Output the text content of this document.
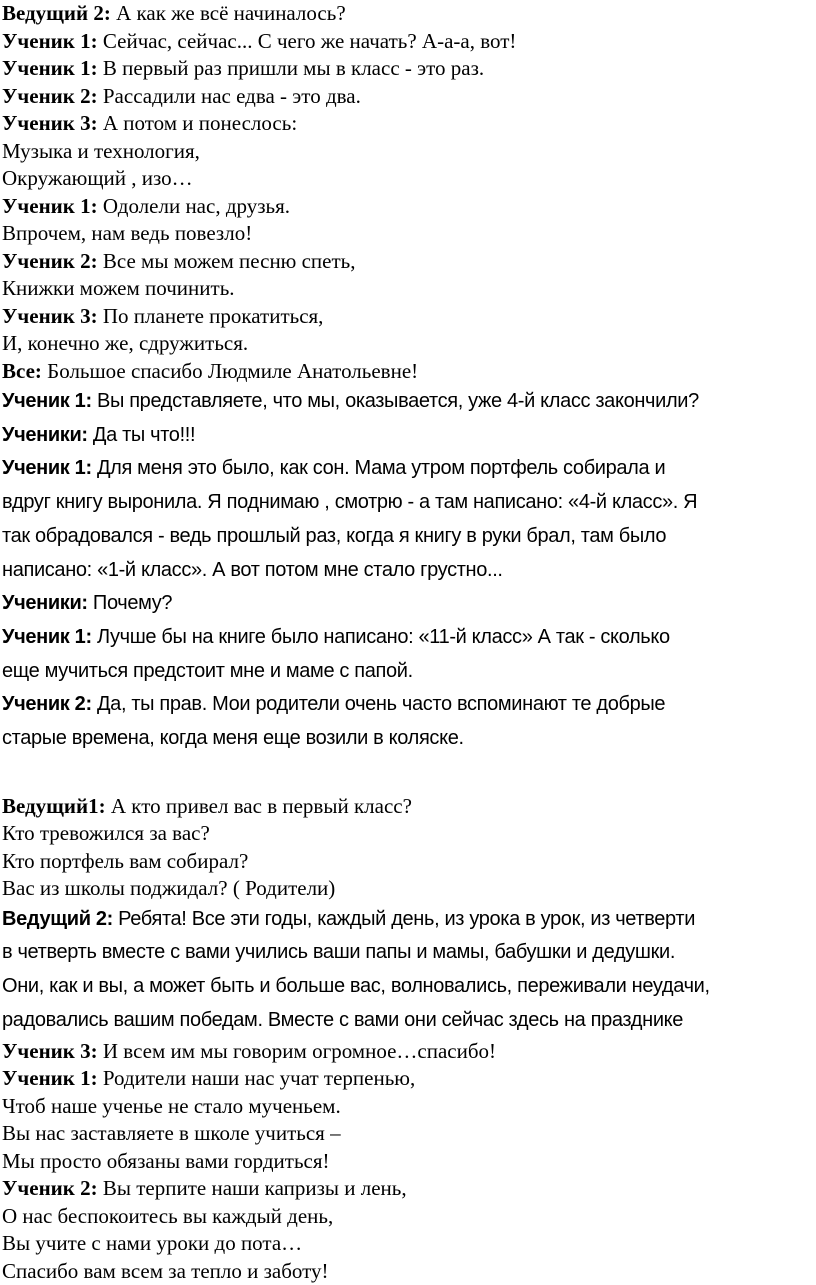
Ведущий 2: А как же всё начиналось?
Ученик 1: Сейчас, сейчас... С чего же начать? А-а-а, вот!
Ученик 1: В первый раз пришли мы в класс - это раз.
Ученик 2: Рассадили нас едва - это два.
Ученик 3: А потом и понеслось:
Музыка и технология,
Окружающий , изо…
Ученик 1: Одолели нас, друзья.
Впрочем, нам ведь повезло!
Ученик 2: Все мы можем песню спеть,
Книжки можем починить.
Ученик 3: По планете прокатиться,
И, конечно же, сдружиться.
Все: Большое спасибо Людмиле Анатольевне!
Ученик 1: Вы представляете, что мы, оказывается, уже 4-й класс закончили?
Ученики: Да ты что!!!
Ученик 1: Для меня это было, как сон. Мама утром портфель собирала и
вдруг книгу выронила. Я поднимаю , смотрю - а там написано: «4-й класс». Я
так обрадовался - ведь прошлый раз, когда я книгу в руки брал, там было
написано: «1-й класс». А вот потом мне стало грустно...
Ученики: Почему?
Ученик 1: Лучше бы на книге было написано: «11-й класс» А так - сколько
еще мучиться предстоит мне и маме с папой.
Ученик 2: Да, ты прав. Мои родители очень часто вспоминают те добрые
старые времена, когда меня еще возили в коляске.
Ведущий1: А кто привел вас в первый класс?
Кто тревожился за вас?
Кто портфель вам собирал?
Вас из школы поджидал? ( Родители)
Ведущий 2: Ребята! Все эти годы, каждый день, из урока в урок, из четверти
в четверть вместе с вами учились ваши папы и мамы, бабушки и дедушки.
Они, как и вы, а может быть и больше вас, волновались, переживали неудачи,
радовались вашим победам. Вместе с вами они сейчас здесь на празднике
Ученик 3: И всем им мы говорим огромное…спасибо!
Ученик 1: Родители наши нас учат терпенью,
Чтоб наше ученье не стало мученьем.
Вы нас заставляете в школе учиться –
Мы просто обязаны вами гордиться!
Ученик 2: Вы терпите наши капризы и лень,
О нас беспокоитесь вы каждый день,
Вы учите с нами уроки до пота…
Спасибо вам всем за тепло и заботу!
